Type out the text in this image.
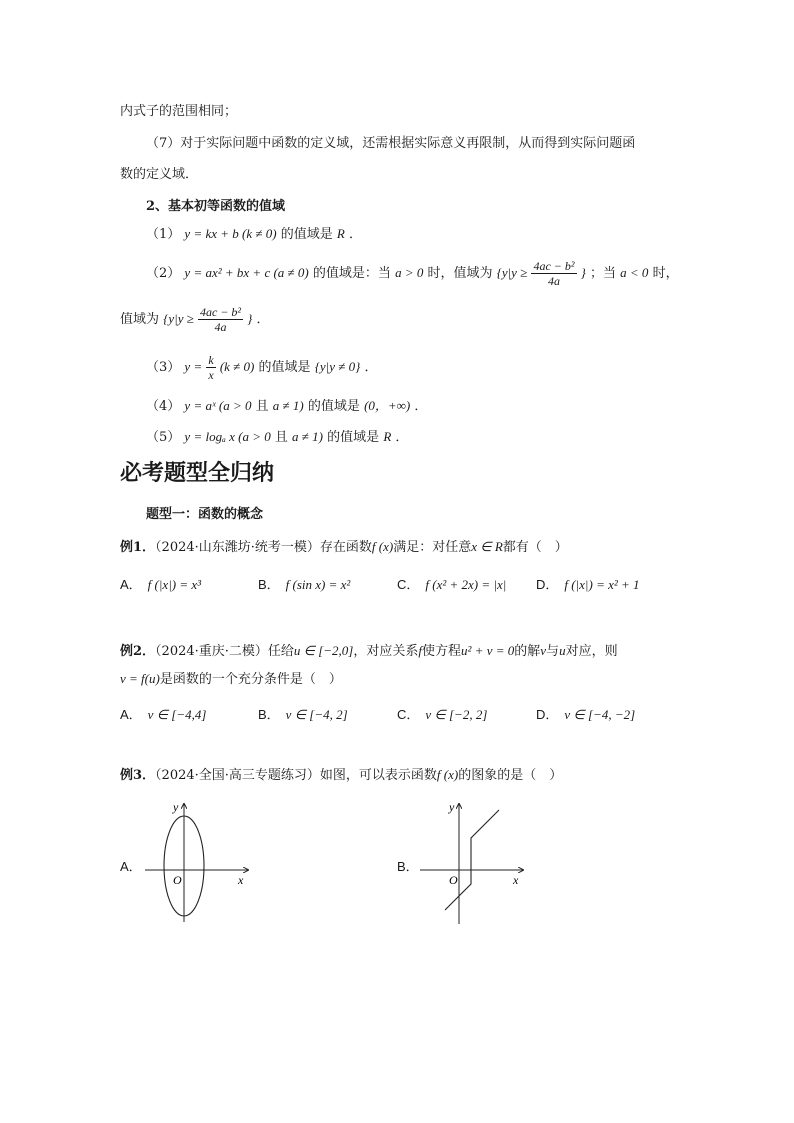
内式子的范围相同；
（7）对于实际问题中函数的定义域，还需根据实际意义再限制，从而得到实际问题函
数的定义域．
2、基本初等函数的值域
（1） y = kx + b (k ≠ 0) 的值域是 R ．
（2） y = ax² + bx + c (a ≠ 0) 的值域是：当 a > 0 时，值域为 {$y|y \ge \frac{\text{4ac − b²}}{4a}$ } ；当 a < 0 时，
值域为 {$y|y \ge \frac{\text{4ac − b²}}{4a}$ } ．
（3） $y = \frac{k}{x} (k \ne 0)$ 的值域是 {y|y ≠ 0} ．
（4） y = aˣ (a > 0 且 a ≠ 1) 的值域是 (0，+∞) ．
（5） y = logₐ x (a > 0 且 a ≠ 1) 的值域是 R ．
必考题型全归纳
题型一：函数的概念
例1．（2024·山东潍坊·统考一模）存在函数f (x)满足：对任意x ∈ R都有（　）
A． f (|x|) = x³	B． f (sin x) = x²	C． f (x² + 2x) = |x| D． f (|x|) = x² + 1
例2．（2024·重庆·二模）任给u ∈ [−2,0]，对应关系f使方程u² + v = 0的解v与u对应，则
v = f(u)是函数的一个充分条件是（　）
A． v ∈ [−4,4]	B． v ∈ [−4, 2]	C． v ∈ [−2, 2]	D． v ∈ [−4, −2]
例3．（2024·全国·高三专题练习）如图，可以表示函数f (x)的图象的是（　）
A．
x
y
O
B．
x
y
O
